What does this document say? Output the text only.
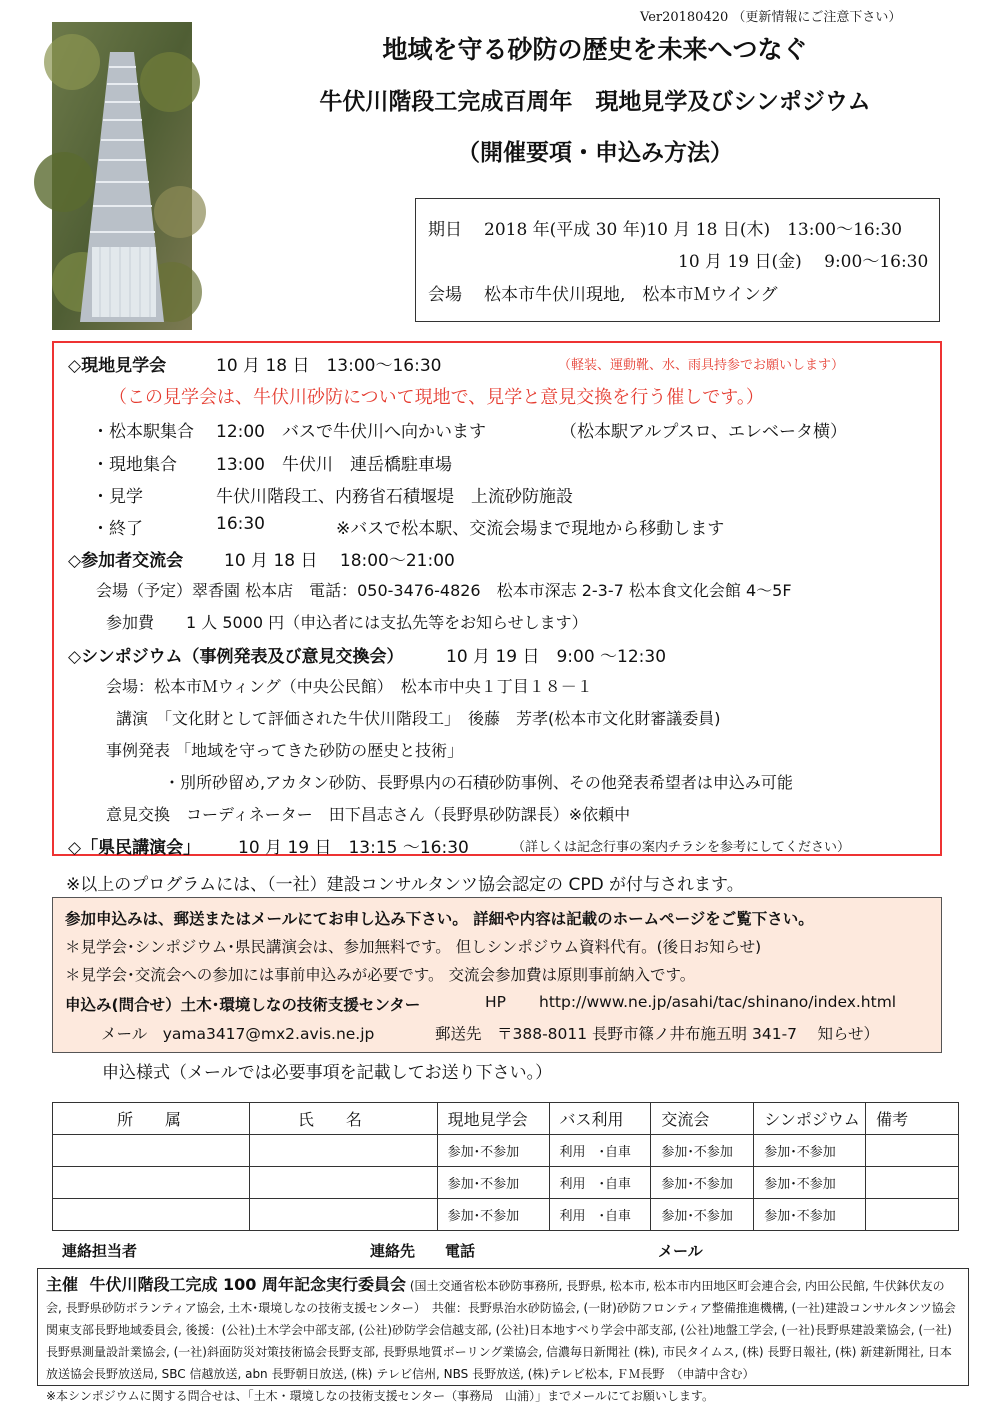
Ver20180420 （更新情報にご注意下さい）
地域を守る砂防の歴史を未来へつなぐ
牛伏川階段工完成百周年　現地見学及びシンポジウム
（開催要項・申込み方法）
期日 2018 年(平成 30 年)10 月 18 日(木)　13:00～16:30
10 月 19 日(金)　 9:00～16:30
会場 松本市牛伏川現地,　松本市Ｍウイング
◇現地見学会	10 月 18 日　13:00～16:30	（軽装、運動靴、水、雨具持参でお願いします）
（この見学会は、牛伏川砂防について現地で、見学と意見交換を行う催しです。）
・松本駅集合 12:00　バスで牛伏川へ向かいます	（松本駅アルプスロ、エレベータ横）
・現地集合 13:00　牛伏川　連岳橋駐車場
・見学	牛伏川階段工、内務省石積堰堤　上流砂防施設
・終了	16:30	※バスで松本駅、交流会場まで現地から移動します
◇参加者交流会 10 月 18 日　 18:00～21:00
会場（予定）翠香園 松本店　電話：050-3476-4826　松本市深志 2-3-7 松本食文化会館 4～5F
参加費　　1 人 5000 円（申込者には支払先等をお知らせします）
◇シンポジウム（事例発表及び意見交換会）	10 月 19 日　9:00 ～12:30
会場：松本市Ｍウィング（中央公民館）　松本市中央１丁目１８－１
講演　「文化財として評価された牛伏川階段工」　後藤　芳孝(松本市文化財審議委員)
事例発表 「地域を守ってきた砂防の歴史と技術」
・別所砂留め,アカタン砂防、長野県内の石積砂防事例、その他発表希望者は申込み可能
意見交換　コーディネーター　田下昌志さん（長野県砂防課長）※依頼中
◇「県民講演会」 10 月 19 日　13:15 ～16:30	（詳しくは記念行事の案内チラシを参考にしてください）
※以上のプログラムには、（一社）建設コンサルタンツ協会認定の CPD が付与されます。
参加申込みは、郵送またはメールにてお申し込み下さい。 詳細や内容は記載のホームページをご覧下さい。
＊見学会･シンポジウム･県民講演会は、参加無料です。 但しシンポジウム資料代有。(後日お知らせ)
＊見学会･交流会への参加には事前申込みが必要です。 交流会参加費は原則事前納入です。
申込み(問合せ）土木･環境しなの技術支援センター	HP http://www.ne.jp/asahi/tac/shinano/index.html
メール　yama3417@mx2.avis.ne.jp	郵送先　〒388-8011 長野市篠ノ井布施五明 341-7　 知らせ）
申込様式（メールでは必要事項を記載してお送り下さい。）
所　　属	氏　　名	現地見学会	バス利用	交流会	シンポジウム	備考
		参加･不参加	利用　･自車	参加･不参加	参加･不参加	
		参加･不参加	利用　･自車	参加･不参加	参加･不参加	
		参加･不参加	利用　･自車	参加･不参加	参加･不参加	
連絡担当者	連絡先　　電話	メール
主催 牛伏川階段工完成 100 周年記念実行委員会 (国土交通省松本砂防事務所, 長野県, 松本市, 松本市内田地区町会連合会, 内田公民館, 牛伏鉢伏友の会, 長野県砂防ボランティア協会, 土木･環境しなの技術支援センター）　共催：長野県治水砂防協会, (一財)砂防フロンティア整備推進機構, (一社)建設コンサルタンツ協会関東支部長野地域委員会, 後援：(公社)土木学会中部支部, (公社)砂防学会信越支部, (公社)日本地すべり学会中部支部, (公社)地盤工学会, (一社)長野県建設業協会, (一社)長野県測量設計業協会, (一社)斜面防災対策技術協会長野支部, 長野県地質ボーリング業協会, 信濃毎日新聞社 (株), 市民タイムス, (株) 長野日報社, (株) 新建新聞社, 日本放送協会長野放送局, SBC 信越放送, abn 長野朝日放送, (株) テレビ信州, NBS 長野放送, (株)テレビ松本, ＦＭ長野　（申請中含む）
※本シンポジウムに関する問合せは、「土木・環境しなの技術支援センター（事務局　山浦）」までメールにてお願いします。
